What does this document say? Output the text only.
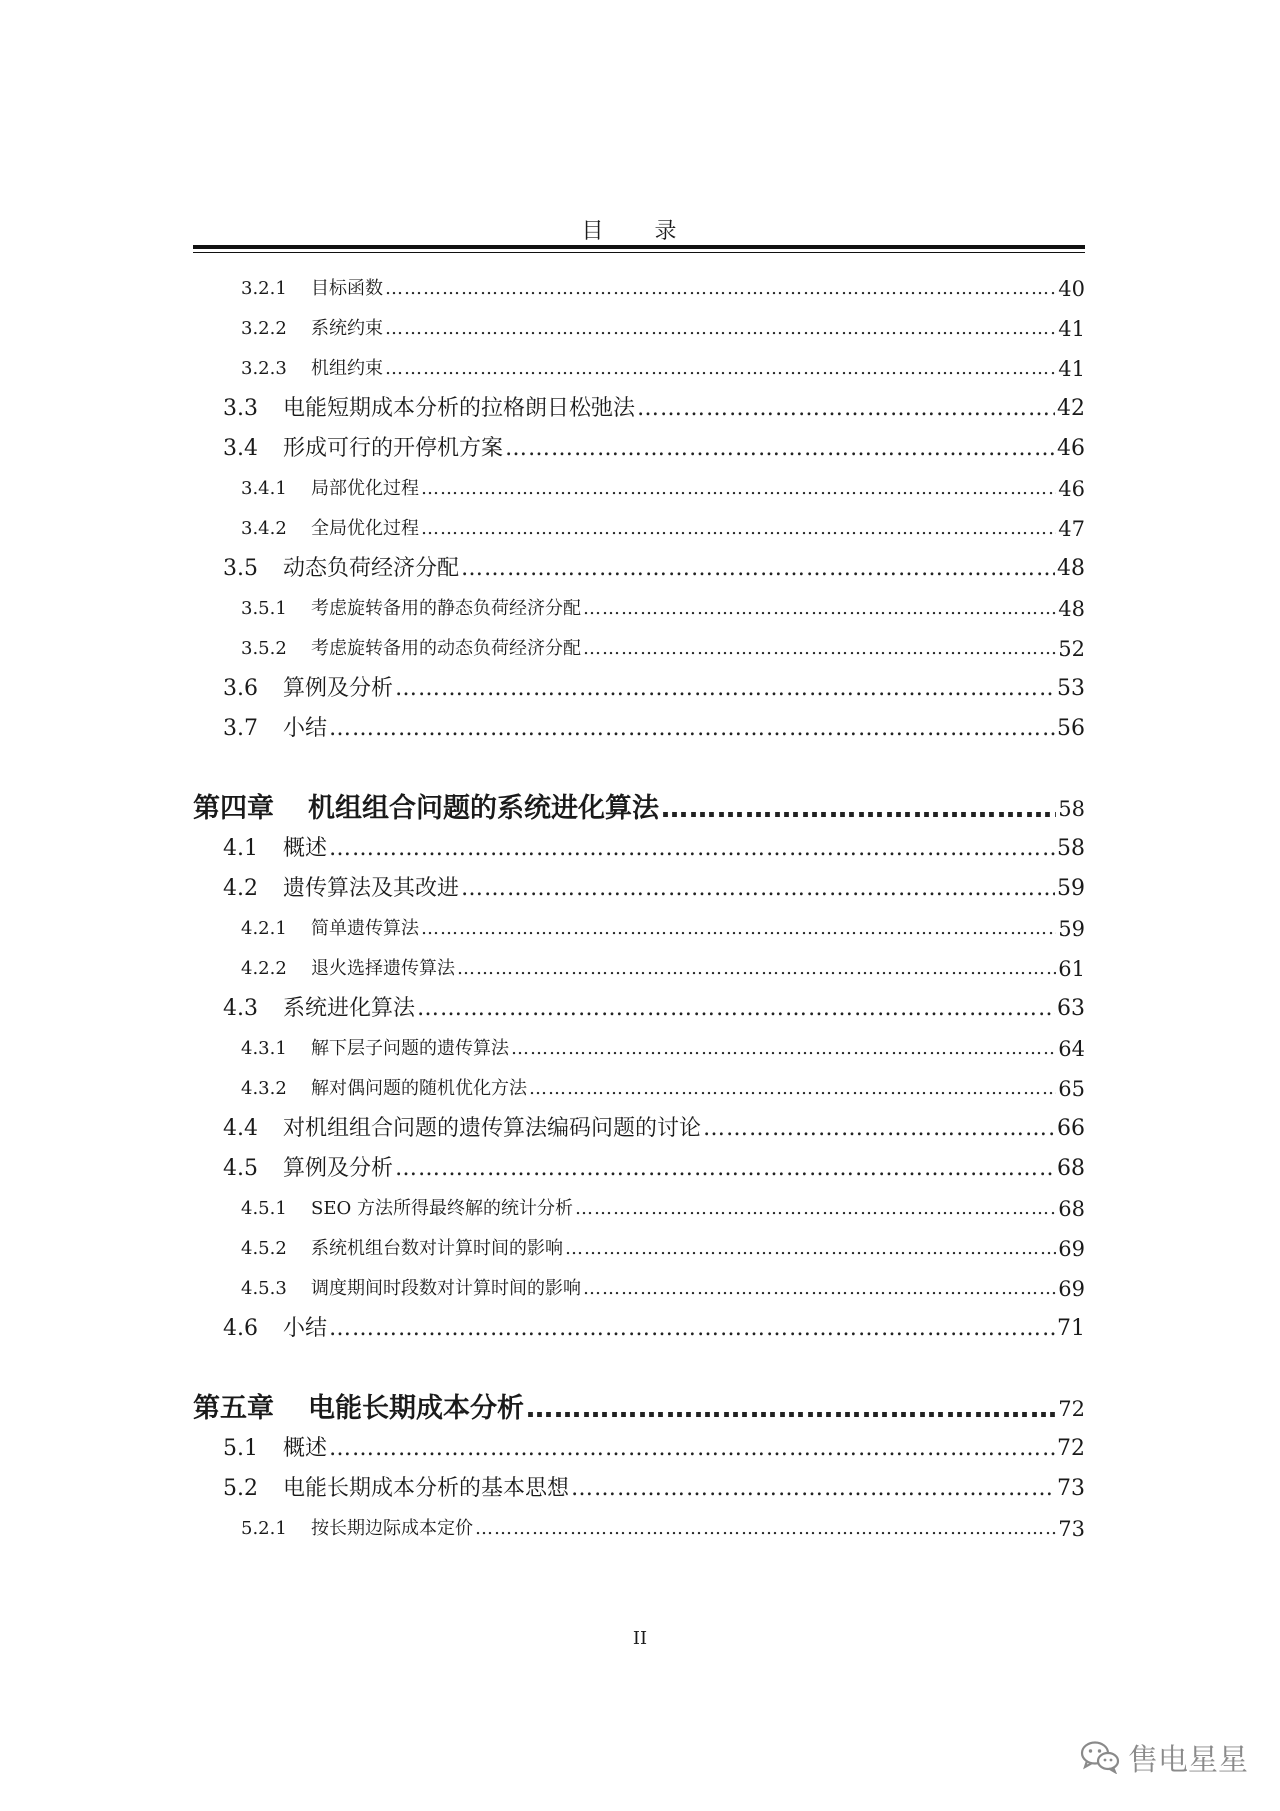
目 录
3.2.1	目标函数 …………………………………………………………………………………………………………………………………………………………………………………………………………………	40
3.2.2	系统约束 …………………………………………………………………………………………………………………………………………………………………………………………………………………	41
3.2.3	机组约束 …………………………………………………………………………………………………………………………………………………………………………………………………………………	41
3.3	电能短期成本分析的拉格朗日松弛法 …………………………………………………………………………………………………………………………………………………………………………………………………………………	42
3.4	形成可行的开停机方案 …………………………………………………………………………………………………………………………………………………………………………………………………………………	46
3.4.1	局部优化过程 …………………………………………………………………………………………………………………………………………………………………………………………………………………	46
3.4.2	全局优化过程 …………………………………………………………………………………………………………………………………………………………………………………………………………………	47
3.5	动态负荷经济分配 …………………………………………………………………………………………………………………………………………………………………………………………………………………	48
3.5.1	考虑旋转备用的静态负荷经济分配 …………………………………………………………………………………………………………………………………………………………………………………………………………………	48
3.5.2	考虑旋转备用的动态负荷经济分配 …………………………………………………………………………………………………………………………………………………………………………………………………………………	52
3.6	算例及分析 …………………………………………………………………………………………………………………………………………………………………………………………………………………	53
3.7	小结 …………………………………………………………………………………………………………………………………………………………………………………………………………………	56
第四章 机组组合问题的系统进化算法 …………………………………………………………………………………………………………………………………………………………………………………………………………………	58
4.1	概述 …………………………………………………………………………………………………………………………………………………………………………………………………………………	58
4.2	遗传算法及其改进 …………………………………………………………………………………………………………………………………………………………………………………………………………………	59
4.2.1	简单遗传算法 …………………………………………………………………………………………………………………………………………………………………………………………………………………	59
4.2.2	退火选择遗传算法 …………………………………………………………………………………………………………………………………………………………………………………………………………………	61
4.3	系统进化算法 …………………………………………………………………………………………………………………………………………………………………………………………………………………	63
4.3.1	解下层子问题的遗传算法 …………………………………………………………………………………………………………………………………………………………………………………………………………………	64
4.3.2	解对偶问题的随机优化方法 …………………………………………………………………………………………………………………………………………………………………………………………………………………	65
4.4	对机组组合问题的遗传算法编码问题的讨论 …………………………………………………………………………………………………………………………………………………………………………………………………………………	66
4.5	算例及分析 …………………………………………………………………………………………………………………………………………………………………………………………………………………	68
4.5.1	SEO 方法所得最终解的统计分析 …………………………………………………………………………………………………………………………………………………………………………………………………………………	68
4.5.2	系统机组台数对计算时间的影响 …………………………………………………………………………………………………………………………………………………………………………………………………………………	69
4.5.3	调度期间时段数对计算时间的影响 …………………………………………………………………………………………………………………………………………………………………………………………………………………	69
4.6	小结 …………………………………………………………………………………………………………………………………………………………………………………………………………………	71
第五章 电能长期成本分析 …………………………………………………………………………………………………………………………………………………………………………………………………………………	72
5.1	概述 …………………………………………………………………………………………………………………………………………………………………………………………………………………	72
5.2	电能长期成本分析的基本思想 …………………………………………………………………………………………………………………………………………………………………………………………………………………	73
5.2.1	按长期边际成本定价 …………………………………………………………………………………………………………………………………………………………………………………………………………………	73
II
售电星星
